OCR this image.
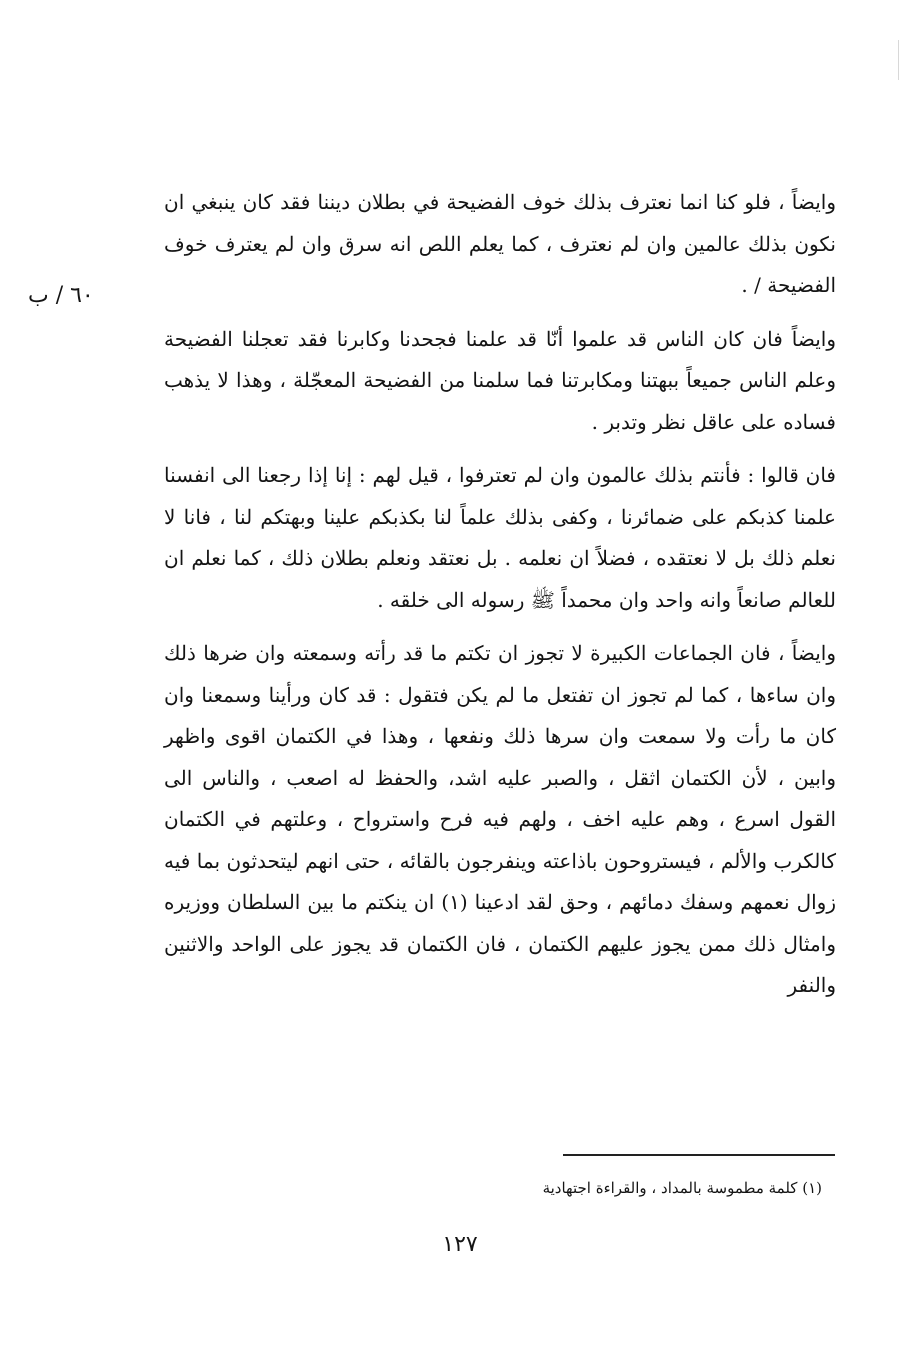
٦٠ / ب

وايضاً ، فلو كنا انما نعترف بذلك خوف الفضيحة في بطلان ديننا فقد كان ينبغي ان نكون بذلك عالمين وان لم نعترف ، كما يعلم اللص انه سرق وان لم يعترف خوف الفضيحة / .

وايضاً فان كان الناس قد علموا أنّا قد علمنا فجحدنا وكابرنا فقد تعجلنا الفضيحة وعلم الناس جميعاً ببهتنا ومكابرتنا فما سلمنا من الفضيحة المعجّلة ، وهذا لا يذهب فساده على عاقل نظر وتدبر .

فان قالوا : فأنتم بذلك عالمون وان لم تعترفوا ، قيل لهم : إنا إذا رجعنا الى انفسنا علمنا كذبكم على ضمائرنا ، وكفى بذلك علماً لنا بكذبكم علينا وبهتكم لنا ، فانا لا نعلم ذلك بل لا نعتقده ، فضلاً ان نعلمه . بل نعتقد ونعلم بطلان ذلك ، كما نعلم ان للعالم صانعاً وانه واحد وان محمداً ﷺ رسوله الى خلقه .

وايضاً ، فان الجماعات الكبيرة لا تجوز ان تكتم ما قد رأته وسمعته وان ضرها ذلك وان ساءها ، كما لم تجوز ان تفتعل ما لم يكن فتقول : قد كان ورأينا وسمعنا وان كان ما رأت ولا سمعت وان سرها ذلك ونفعها ، وهذا في الكتمان اقوى واظهر وابين ، لأن الكتمان اثقل ، والصبر عليه اشد، والحفظ له اصعب ، والناس الى القول اسرع ، وهم عليه اخف ، ولهم فيه فرح واسترواح ، وعلتهم في الكتمان كالكرب والألم ، فيستروحون باذاعته وينفرجون بالقائه ، حتى انهم ليتحدثون بما فيه زوال نعمهم وسفك دمائهم ، وحق لقد ادعينا (١) ان ينكتم ما بين السلطان ووزيره وامثال ذلك ممن يجوز عليهم الكتمان ، فان الكتمان قد يجوز على الواحد والاثنين والنفر

(١) كلمة مطموسة بالمداد ، والقراءة اجتهادية
١٢٧
